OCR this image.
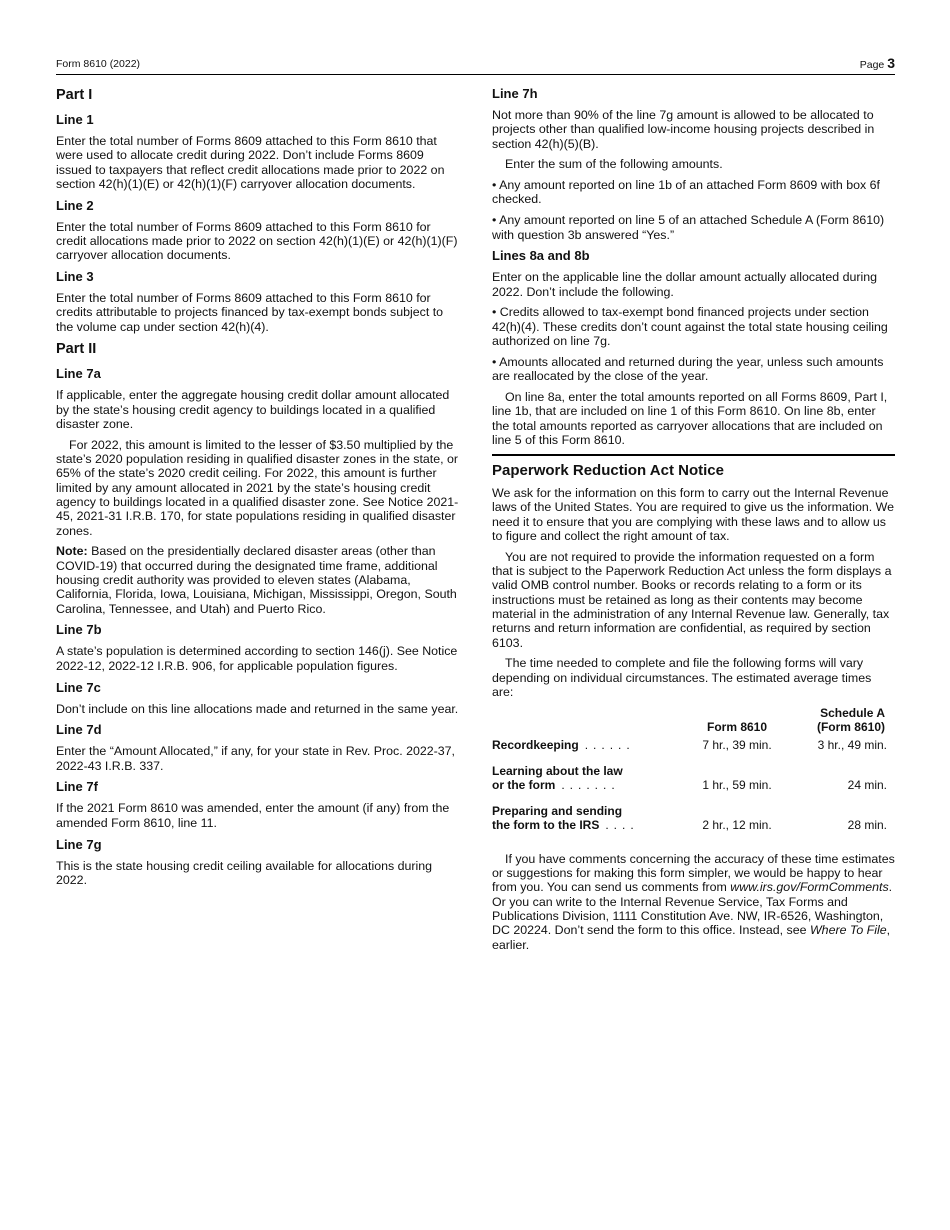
Form 8610 (2022)	Page 3
Part I
Line 1

Enter the total number of Forms 8609 attached to this Form 8610 that were used to allocate credit during 2022. Don’t include Forms 8609 issued to taxpayers that reflect credit allocations made prior to 2022 on section 42(h)(1)(E) or 42(h)(1)(F) carryover allocation documents.

Line 2

Enter the total number of Forms 8609 attached to this Form 8610 for credit allocations made prior to 2022 on section 42(h)(1)(E) or 42(h)(1)(F) carryover allocation documents.

Line 3

Enter the total number of Forms 8609 attached to this Form 8610 for credits attributable to projects financed by tax-exempt bonds subject to the volume cap under section 42(h)(4).

Part II
Line 7a

If applicable, enter the aggregate housing credit dollar amount allocated by the state’s housing credit agency to buildings located in a qualified disaster zone.

For 2022, this amount is limited to the lesser of $3.50 multiplied by the state’s 2020 population residing in qualified disaster zones in the state, or 65% of the state’s 2020 credit ceiling. For 2022, this amount is further limited by any amount allocated in 2021 by the state’s housing credit agency to buildings located in a qualified disaster zone. See Notice 2021-45, 2021-31 I.R.B. 170, for state populations residing in qualified disaster zones.

Note: Based on the presidentially declared disaster areas (other than COVID-19) that occurred during the designated time frame, additional housing credit authority was provided to eleven states (Alabama, California, Florida, Iowa, Louisiana, Michigan, Mississippi, Oregon, South Carolina, Tennessee, and Utah) and Puerto Rico.

Line 7b

A state’s population is determined according to section 146(j). See Notice 2022-12, 2022-12 I.R.B. 906, for applicable population figures.

Line 7c

Don’t include on this line allocations made and returned in the same year.

Line 7d

Enter the “Amount Allocated,” if any, for your state in Rev. Proc. 2022-37, 2022-43 I.R.B. 337.

Line 7f

If the 2021 Form 8610 was amended, enter the amount (if any) from the amended Form 8610, line 11.

Line 7g

This is the state housing credit ceiling available for allocations during 2022.

Line 7h

Not more than 90% of the line 7g amount is allowed to be allocated to projects other than qualified low-income housing projects described in section 42(h)(5)(B).

Enter the sum of the following amounts.

• Any amount reported on line 1b of an attached Form 8609 with box 6f checked.

• Any amount reported on line 5 of an attached Schedule A (Form 8610) with question 3b answered “Yes.”

Lines 8a and 8b

Enter on the applicable line the dollar amount actually allocated during 2022. Don’t include the following.

• Credits allowed to tax-exempt bond financed projects under section 42(h)(4). These credits don’t count against the total state housing ceiling authorized on line 7g.

• Amounts allocated and returned during the year, unless such amounts are reallocated by the close of the year.

On line 8a, enter the total amounts reported on all Forms 8609, Part I, line 1b, that are included on line 1 of this Form 8610. On line 8b, enter the total amounts reported as carryover allocations that are included on line 5 of this Form 8610.

Paperwork Reduction Act Notice

We ask for the information on this form to carry out the Internal Revenue laws of the United States. You are required to give us the information. We need it to ensure that you are complying with these laws and to allow us to figure and collect the right amount of tax.

You are not required to provide the information requested on a form that is subject to the Paperwork Reduction Act unless the form displays a valid OMB control number. Books or records relating to a form or its instructions must be retained as long as their contents may become material in the administration of any Internal Revenue law. Generally, tax returns and return information are confidential, as required by section 6103.

The time needed to complete and file the following forms will vary depending on individual circumstances. The estimated average times are:

	Form 8610	Schedule A
(Form 8610)
Recordkeeping ......	7 hr., 39 min.	3 hr., 49 min.
Learning about the law
or the form .......	1 hr., 59 min.	24 min.
Preparing and sending
the form to the IRS ....	2 hr., 12 min.	28 min.

If you have comments concerning the accuracy of these time estimates or suggestions for making this form simpler, we would be happy to hear from you. You can send us comments from www.irs.gov/FormComments. Or you can write to the Internal Revenue Service, Tax Forms and Publications Division, 1111 Constitution Ave. NW, IR-6526, Washington, DC 20224. Don’t send the form to this office. Instead, see Where To File, earlier.
